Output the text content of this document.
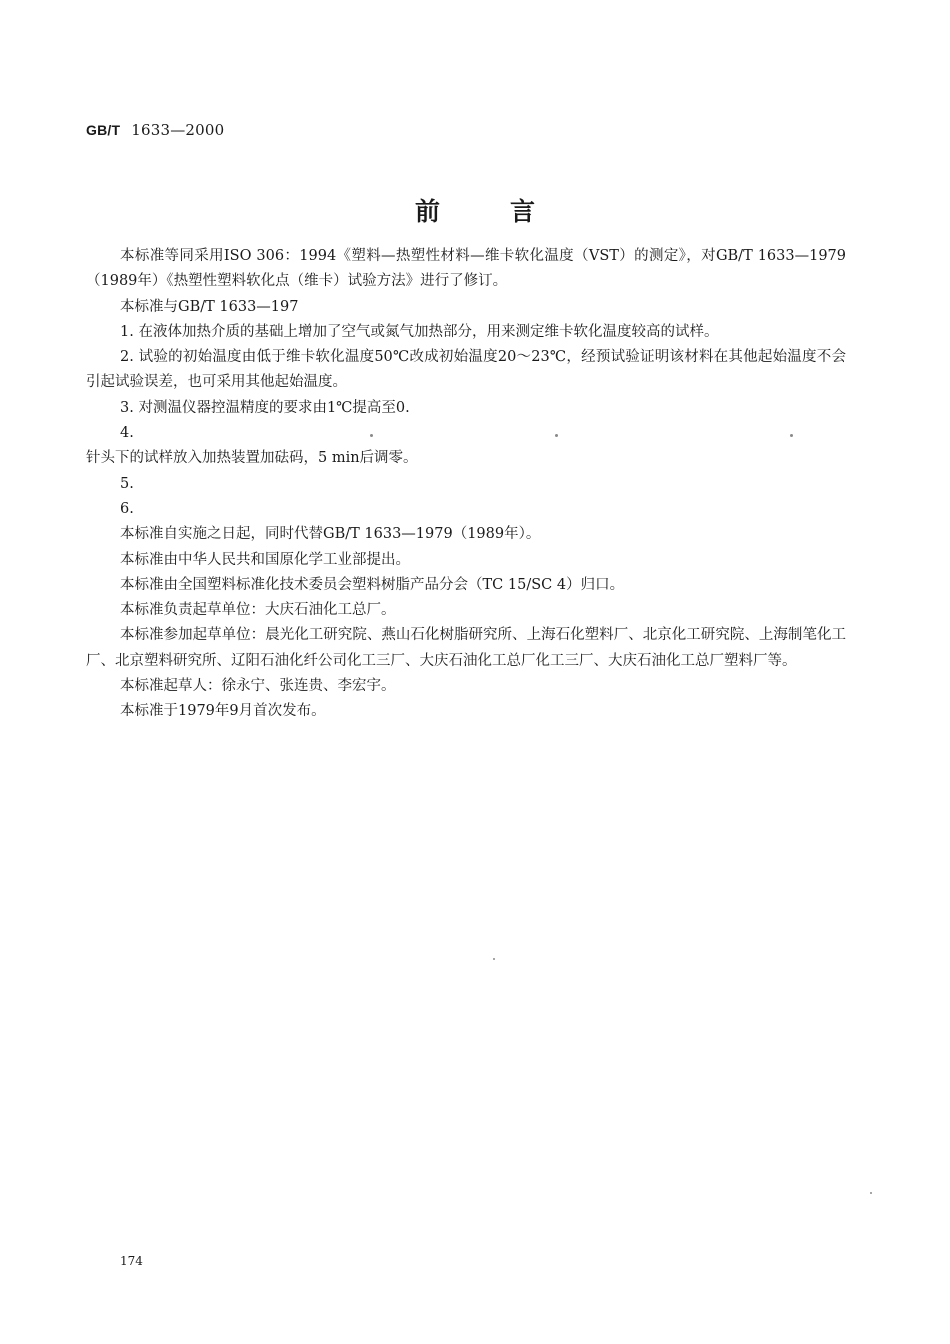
GB/T 1633—2000
前言

本标准等同采用ISO 306：1994《塑料—热塑性材料—维卡软化温度（VST）的测定》，对GB/T 1633—1979（1989年）《热塑性塑料软化点（维卡）试验方法》进行了修订。

本标准与GB/T 1633—197

1. 在液体加热介质的基础上增加了空气或氮气加热部分，用来测定维卡软化温度较高的试样。

2. 试验的初始温度由低于维卡软化温度50℃改成初始温度20～23℃，经预试验证明该材料在其他起始温度不会引起试验误差，也可采用其他起始温度。

3. 对测温仪器控温精度的要求由1℃提高至0.

4.

针头下的试样放入加热装置加砝码，5 min后调零。

5.

6.

本标准自实施之日起，同时代替GB/T 1633—1979（1989年）。

本标准由中华人民共和国原化学工业部提出。

本标准由全国塑料标准化技术委员会塑料树脂产品分会（TC 15/SC 4）归口。

本标准负责起草单位：大庆石油化工总厂。

本标准参加起草单位：晨光化工研究院、燕山石化树脂研究所、上海石化塑料厂、北京化工研究院、上海制笔化工厂、北京塑料研究所、辽阳石油化纤公司化工三厂、大庆石油化工总厂化工三厂、大庆石油化工总厂塑料厂等。

本标准起草人：徐永宁、张连贵、李宏宇。

本标准于1979年9月首次发布。

174
